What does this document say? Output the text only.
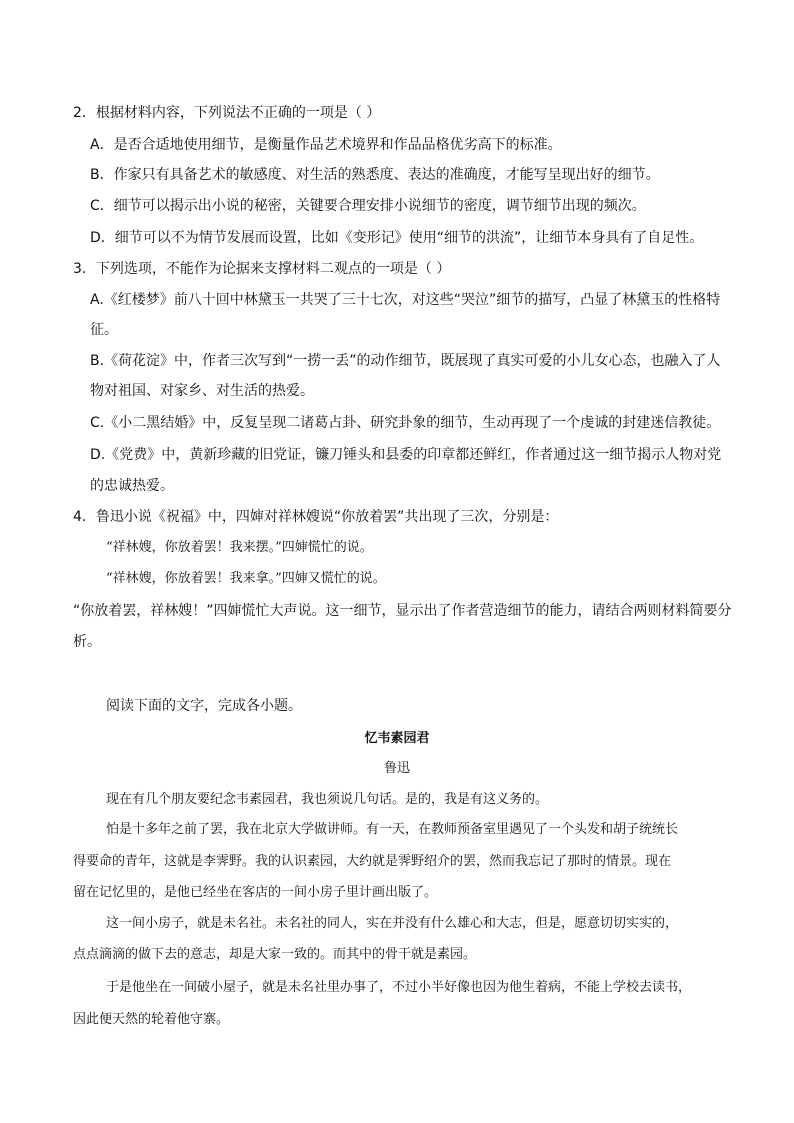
2．根据材料内容，下列说法不正确的一项是（ ）
A．是否合适地使用细节，是衡量作品艺术境界和作品品格优劣高下的标准。
B．作家只有具备艺术的敏感度、对生活的熟悉度、表达的准确度，才能写呈现出好的细节。
C．细节可以揭示出小说的秘密，关键要合理安排小说细节的密度，调节细节出现的频次。
D．细节可以不为情节发展而设置，比如《变形记》使用“细节的洪流”，让细节本身具有了自足性。
3．下列选项，不能作为论据来支撑材料二观点的一项是（ ）
A.《红楼梦》前八十回中林黛玉一共哭了三十七次，对这些“哭泣”细节的描写，凸显了林黛玉的性格特
征。
B.《荷花淀》中，作者三次写到“一捞一丢”的动作细节，既展现了真实可爱的小儿女心态，也融入了人
物对祖国、对家乡、对生活的热爱。
C.《小二黑结婚》中，反复呈现二诸葛占卦、研究卦象的细节，生动再现了一个虔诚的封建迷信教徒。
D.《党费》中，黄新珍藏的旧党证，镰刀锤头和县委的印章都还鲜红，作者通过这一细节揭示人物对党
的忠诚热爱。
4．鲁迅小说《祝福》中，四婶对祥林嫂说“你放着罢”共出现了三次，分别是：
“祥林嫂，你放着罢！我来摆。”四婶慌忙的说。
“祥林嫂，你放着罢！我来拿。”四婶又慌忙的说。
“你放着罢，祥林嫂！”四婶慌忙大声说。这一细节，显示出了作者营造细节的能力，请结合两则材料简要分
析。
阅读下面的文字，完成各小题。
忆韦素园君
鲁迅
现在有几个朋友要纪念韦素园君，我也须说几句话。是的，我是有这义务的。
怕是十多年之前了罢，我在北京大学做讲师。有一天，在教师预备室里遇见了一个头发和胡子统统长
得要命的青年，这就是李霁野。我的认识素园，大约就是霁野绍介的罢，然而我忘记了那时的情景。现在
留在记忆里的，是他已经坐在客店的一间小房子里计画出版了。
这一间小房子，就是未名社。未名社的同人，实在并没有什么雄心和大志，但是，愿意切切实实的，
点点滴滴的做下去的意志，却是大家一致的。而其中的骨干就是素园。
于是他坐在一间破小屋子，就是未名社里办事了，不过小半好像也因为他生着病，不能上学校去读书，
因此便天然的轮着他守寨。
